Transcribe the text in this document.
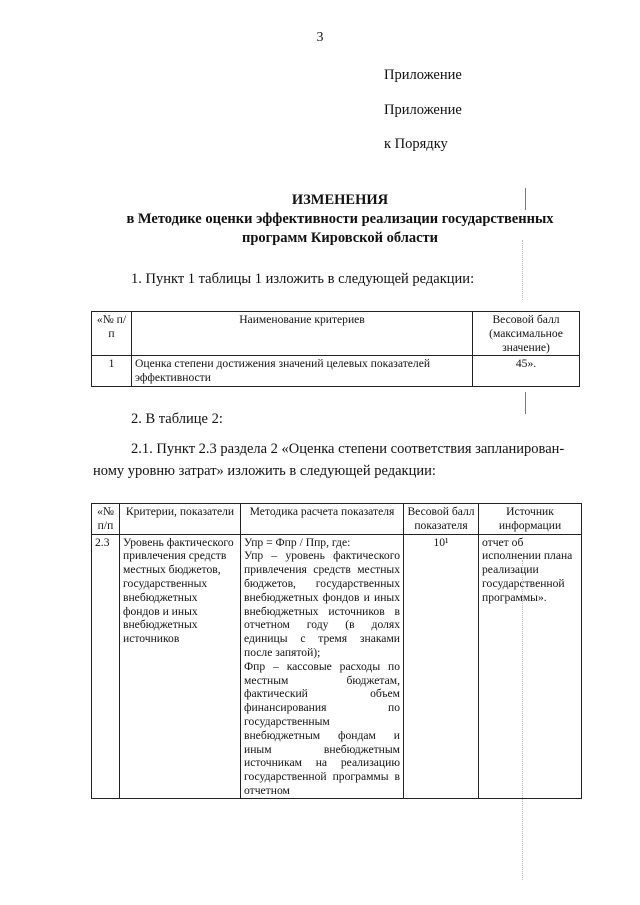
3
Приложение
Приложение
к Порядку
ИЗМЕНЕНИЯ
в Методике оценки эффективности реализации государственных
программ Кировской области
1. Пункт 1 таблицы 1 изложить в следующей редакции:
«№ п/п	Наименование критериев	Весовой балл (максимальное значение)
1	Оценка степени достижения значений целевых показателей эффективности	45».
2. В таблице 2:
2.1. Пункт 2.3 раздела 2 «Оценка степени соответствия запланирован-
ному уровню затрат» изложить в следующей редакции:
«№ п/п	Критерии, показатели	Методика расчета показателя	Весовой балл показателя	Источник информации
2.3	Уровень фактического привлечения средств местных бюджетов, государственных внебюджетных фондов и иных внебюджетных источников	Упр = Фпр / Ппр, где:
Упр – уровень фактического привлечения средств местных бюджетов, государственных внебюджетных фондов и иных внебюджетных источников в отчетном году (в долях единицы с тремя знаками после запятой);
Фпр – кассовые расходы по местным бюджетам, фактический объем финансирования по государственным внебюджетным фондам и иным внебюджетным источникам на реализацию государственной программы в отчетном	10¹	отчет об исполнении плана реализации государственной программы».
